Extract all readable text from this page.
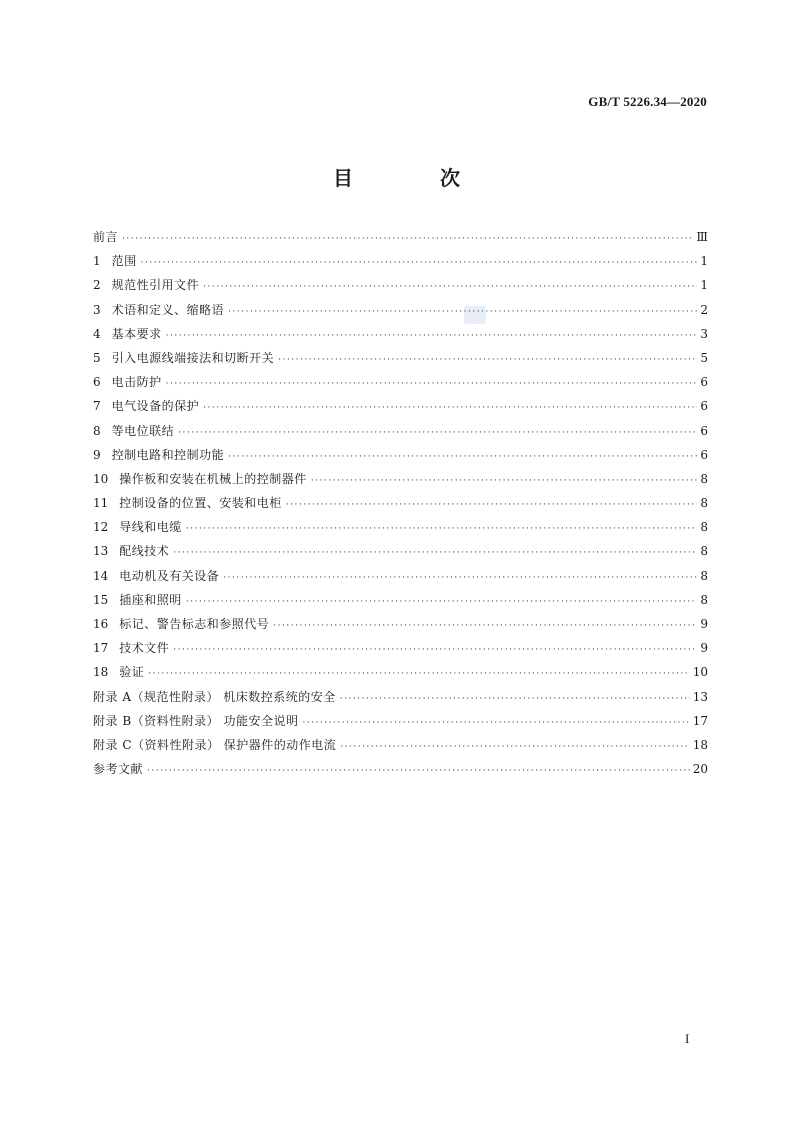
GB/T 5226.34—2020
目 次
前言 ·····	Ⅲ
1 范围 ·····	1
2 规范性引用文件 ·····	1
3 术语和定义、缩略语 ·····	2
4 基本要求 ·····	3
5 引入电源线端接法和切断开关 ·····	5
6 电击防护 ·····	6
7 电气设备的保护 ·····	6
8 等电位联结 ·····	6
9 控制电路和控制功能 ·····	6
10 操作板和安装在机械上的控制器件 ·····	8
11 控制设备的位置、安装和电柜 ·····	8
12 导线和电缆 ·····	8
13 配线技术 ·····	8
14 电动机及有关设备 ·····	8
15 插座和照明 ·····	8
16 标记、警告标志和参照代号 ·····	9
17 技术文件 ·····	9
18 验证 ·····	10
附录 A（规范性附录） 机床数控系统的安全 ·····	13
附录 B（资料性附录） 功能安全说明 ·····	17
附录 C（资料性附录） 保护器件的动作电流 ·····	18
参考文献 ·····	20
I
